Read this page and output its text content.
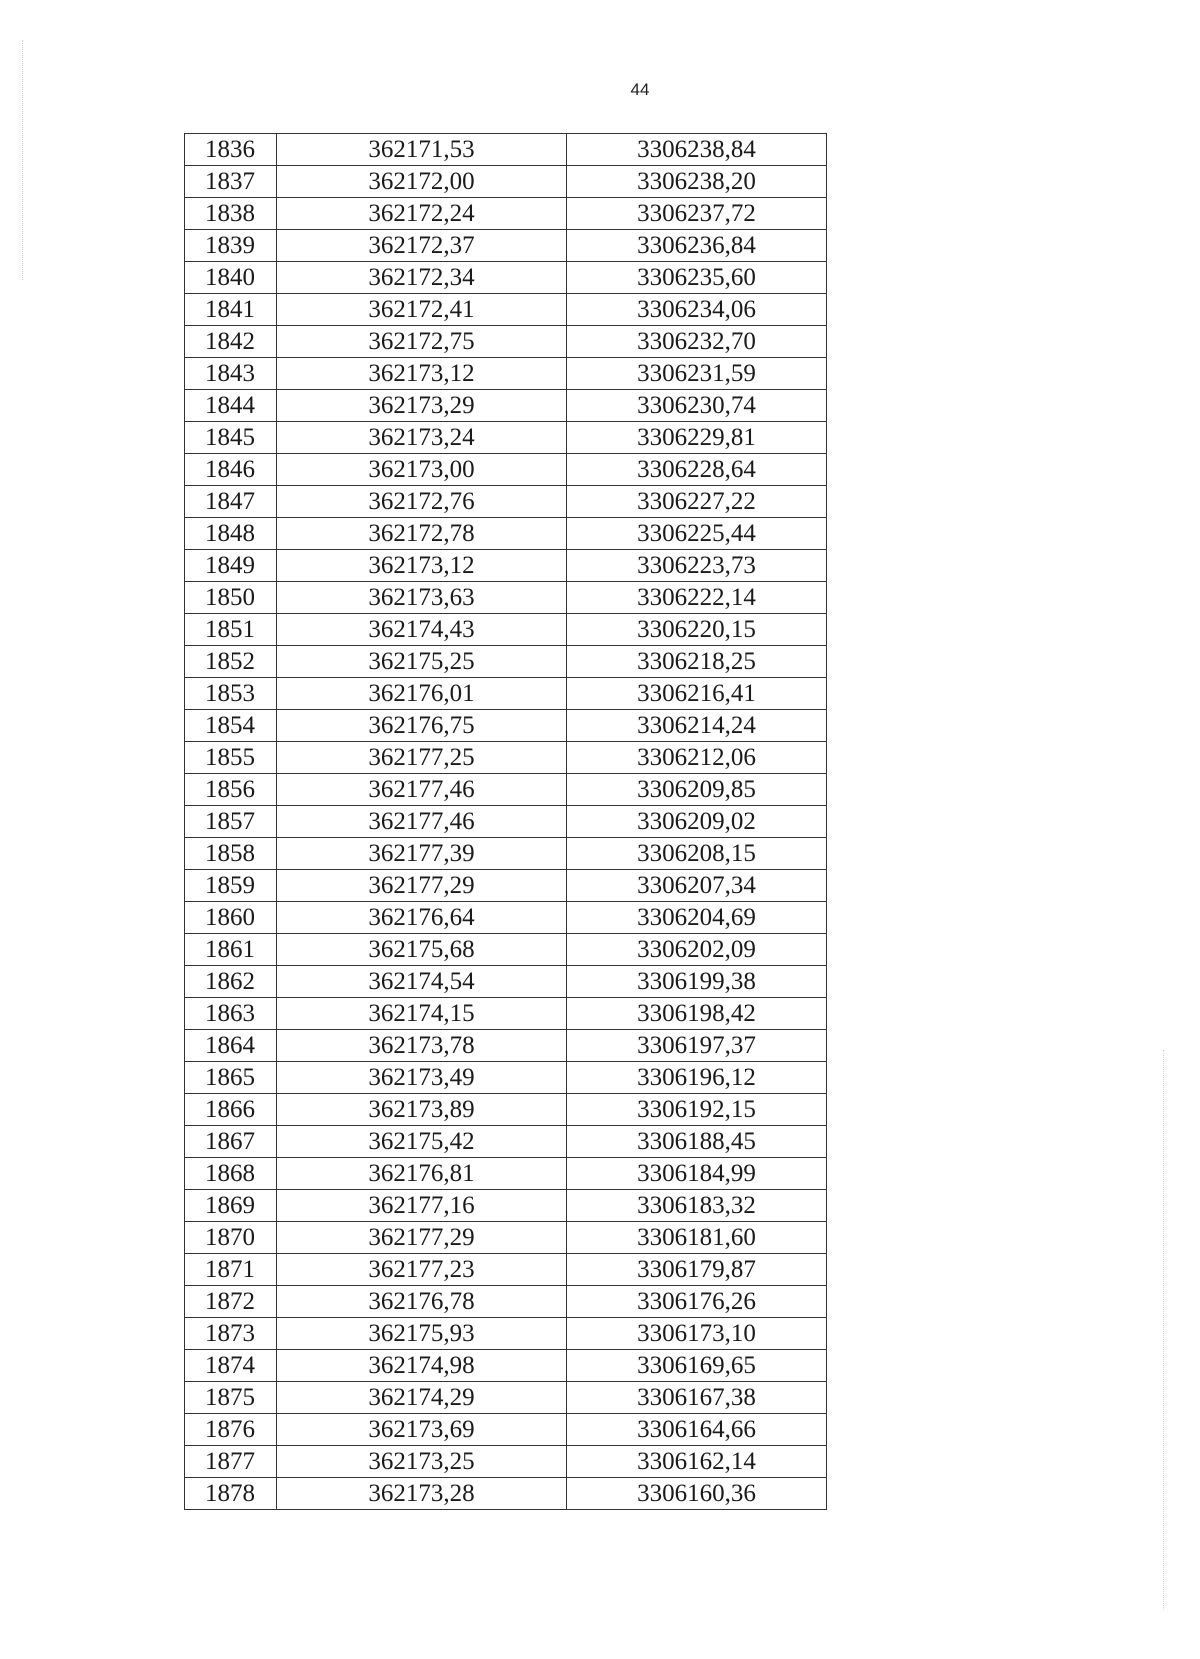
44
1836	362171,53	3306238,84
1837	362172,00	3306238,20
1838	362172,24	3306237,72
1839	362172,37	3306236,84
1840	362172,34	3306235,60
1841	362172,41	3306234,06
1842	362172,75	3306232,70
1843	362173,12	3306231,59
1844	362173,29	3306230,74
1845	362173,24	3306229,81
1846	362173,00	3306228,64
1847	362172,76	3306227,22
1848	362172,78	3306225,44
1849	362173,12	3306223,73
1850	362173,63	3306222,14
1851	362174,43	3306220,15
1852	362175,25	3306218,25
1853	362176,01	3306216,41
1854	362176,75	3306214,24
1855	362177,25	3306212,06
1856	362177,46	3306209,85
1857	362177,46	3306209,02
1858	362177,39	3306208,15
1859	362177,29	3306207,34
1860	362176,64	3306204,69
1861	362175,68	3306202,09
1862	362174,54	3306199,38
1863	362174,15	3306198,42
1864	362173,78	3306197,37
1865	362173,49	3306196,12
1866	362173,89	3306192,15
1867	362175,42	3306188,45
1868	362176,81	3306184,99
1869	362177,16	3306183,32
1870	362177,29	3306181,60
1871	362177,23	3306179,87
1872	362176,78	3306176,26
1873	362175,93	3306173,10
1874	362174,98	3306169,65
1875	362174,29	3306167,38
1876	362173,69	3306164,66
1877	362173,25	3306162,14
1878	362173,28	3306160,36
